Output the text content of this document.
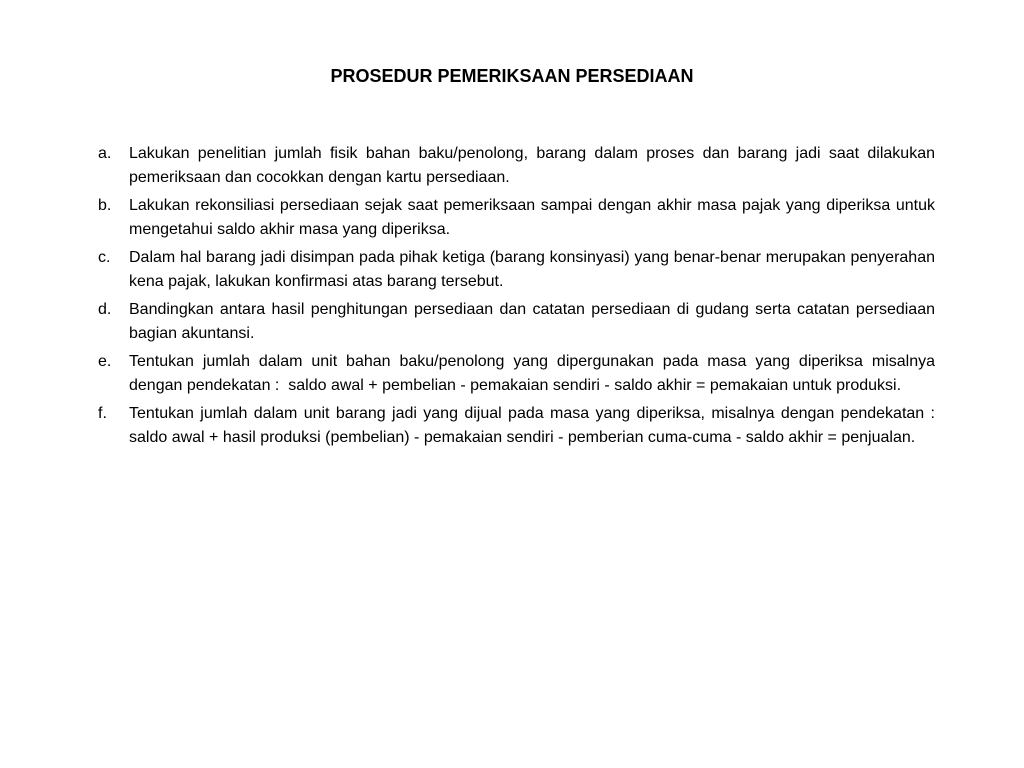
PROSEDUR PEMERIKSAAN PERSEDIAAN
a.	Lakukan penelitian jumlah fisik bahan baku/penolong, barang dalam proses dan barang jadi saat dilakukan pemeriksaan dan cocokkan dengan kartu persediaan.
b.	Lakukan rekonsiliasi persediaan sejak saat pemeriksaan sampai dengan akhir masa pajak yang diperiksa untuk mengetahui saldo akhir masa yang diperiksa.
c.	Dalam hal barang jadi disimpan pada pihak ketiga (barang konsinyasi) yang benar-benar merupakan penyerahan kena pajak, lakukan konfirmasi atas barang tersebut.
d.	Bandingkan antara hasil penghitungan persediaan dan catatan persediaan di gudang serta catatan persediaan bagian akuntansi.
e.	Tentukan jumlah dalam unit bahan baku/penolong yang dipergunakan pada masa yang diperiksa misalnya dengan pendekatan :  saldo awal + pembelian - pemakaian sendiri - saldo akhir = pemakaian untuk produksi.
f.	Tentukan jumlah dalam unit barang jadi yang dijual pada masa yang diperiksa, misalnya dengan pendekatan : saldo awal + hasil produksi (pembelian) - pemakaian sendiri - pemberian cuma-cuma - saldo akhir = penjualan.
